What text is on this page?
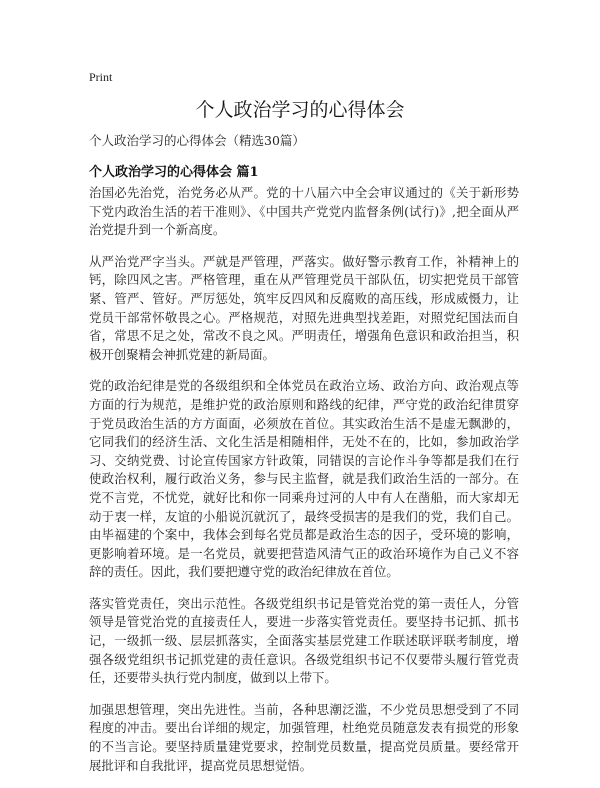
Print
个人政治学习的心得体会
个人政治学习的心得体会（精选30篇）
个人政治学习的心得体会 篇1

治国必先治党，治党务必从严。党的十八届六中全会审议通过的《关于新形势下党内政治生活的若干准则》、《中国共产党党内监督条例(试行)》,把全面从严治党提升到一个新高度。

从严治党严字当头。严就是严管理，严落实。做好警示教育工作，补精神上的钙，除四风之害。严格管理，重在从严管理党员干部队伍，切实把党员干部管紧、管严、管好。严厉惩处，筑牢反四风和反腐败的高压线，形成威慑力，让党员干部常怀敬畏之心。严格规范，对照先进典型找差距，对照党纪国法而自省，常思不足之处，常改不良之风。严明责任，增强角色意识和政治担当，积极开创聚精会神抓党建的新局面。

党的政治纪律是党的各级组织和全体党员在政治立场、政治方向、政治观点等方面的行为规范，是维护党的政治原则和路线的纪律，严守党的政治纪律贯穿于党员政治生活的方方面面，必须放在首位。其实政治生活不是虚无飘渺的，它同我们的经济生活、文化生活是相随相伴，无处不在的，比如，参加政治学习、交纳党费、讨论宣传国家方针政策，同错误的言论作斗争等都是我们在行使政治权利，履行政治义务，参与民主监督，就是我们政治生活的一部分。在党不言党，不忧党，就好比和你一同乘舟过河的人中有人在凿船，而大家却无动于衷一样，友谊的小船说沉就沉了，最终受损害的是我们的党，我们自己。由毕福建的个案中，我体会到每名党员都是政治生态的因子，受环境的影响，更影响着环境。是一名党员，就要把营造风清气正的政治环境作为自己义不容辞的责任。因此，我们要把遵守党的政治纪律放在首位。

落实管党责任，突出示范性。各级党组织书记是管党治党的第一责任人，分管领导是管党治党的直接责任人，要进一步落实管党责任。要坚持书记抓、抓书记，一级抓一级、层层抓落实，全面落实基层党建工作联述联评联考制度，增强各级党组织书记抓党建的责任意识。各级党组织书记不仅要带头履行管党责任，还要带头执行党内制度，做到以上带下。

加强思想管理，突出先进性。当前，各种思潮泛滥，不少党员思想受到了不同程度的冲击。要出台详细的规定，加强管理，杜绝党员随意发表有损党的形象的不当言论。要坚持质量建党要求，控制党员数量，提高党员质量。要经常开展批评和自我批评，提高党员思想觉悟。
